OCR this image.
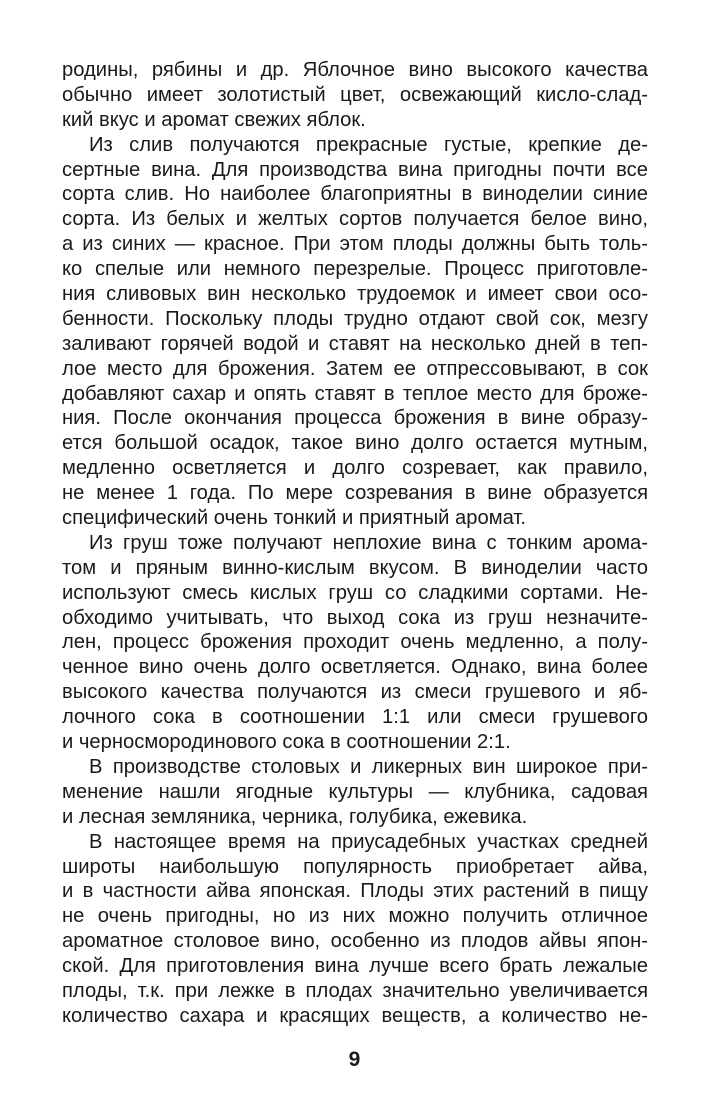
родины, рябины и др. Яблочное вино высокого качества
обычно имеет золотистый цвет, освежающий кисло-слад-
кий вкус и аромат свежих яблок.
Из слив получаются прекрасные густые, крепкие де-
сертные вина. Для производства вина пригодны почти все
сорта слив. Но наиболее благоприятны в виноделии синие
сорта. Из белых и желтых сортов получается белое вино,
а из синих — красное. При этом плоды должны быть толь-
ко спелые или немного перезрелые. Процесс приготовле-
ния сливовых вин несколько трудоемок и имеет свои осо-
бенности. Поскольку плоды трудно отдают свой сок, мезгу
заливают горячей водой и ставят на несколько дней в теп-
лое место для брожения. Затем ее отпрессовывают, в сок
добавляют сахар и опять ставят в теплое место для броже-
ния. После окончания процесса брожения в вине образу-
ется большой осадок, такое вино долго остается мутным,
медленно осветляется и долго созревает, как правило,
не менее 1 года. По мере созревания в вине образуется
специфический очень тонкий и приятный аромат.
Из груш тоже получают неплохие вина с тонким арома-
том и пряным винно-кислым вкусом. В виноделии часто
используют смесь кислых груш со сладкими сортами. Не-
обходимо учитывать, что выход сока из груш незначите-
лен, процесс брожения проходит очень медленно, а полу-
ченное вино очень долго осветляется. Однако, вина более
высокого качества получаются из смеси грушевого и яб-
лочного сока в соотношении 1:1 или смеси грушевого
и черносмородинового сока в соотношении 2:1.
В производстве столовых и ликерных вин широкое при-
менение нашли ягодные культуры — клубника, садовая
и лесная земляника, черника, голубика, ежевика.
В настоящее время на приусадебных участках средней
широты наибольшую популярность приобретает айва,
и в частности айва японская. Плоды этих растений в пищу
не очень пригодны, но из них можно получить отличное
ароматное столовое вино, особенно из плодов айвы япон-
ской. Для приготовления вина лучше всего брать лежалые
плоды, т.к. при лежке в плодах значительно увеличивается
количество сахара и красящих веществ, а количество не-
9
